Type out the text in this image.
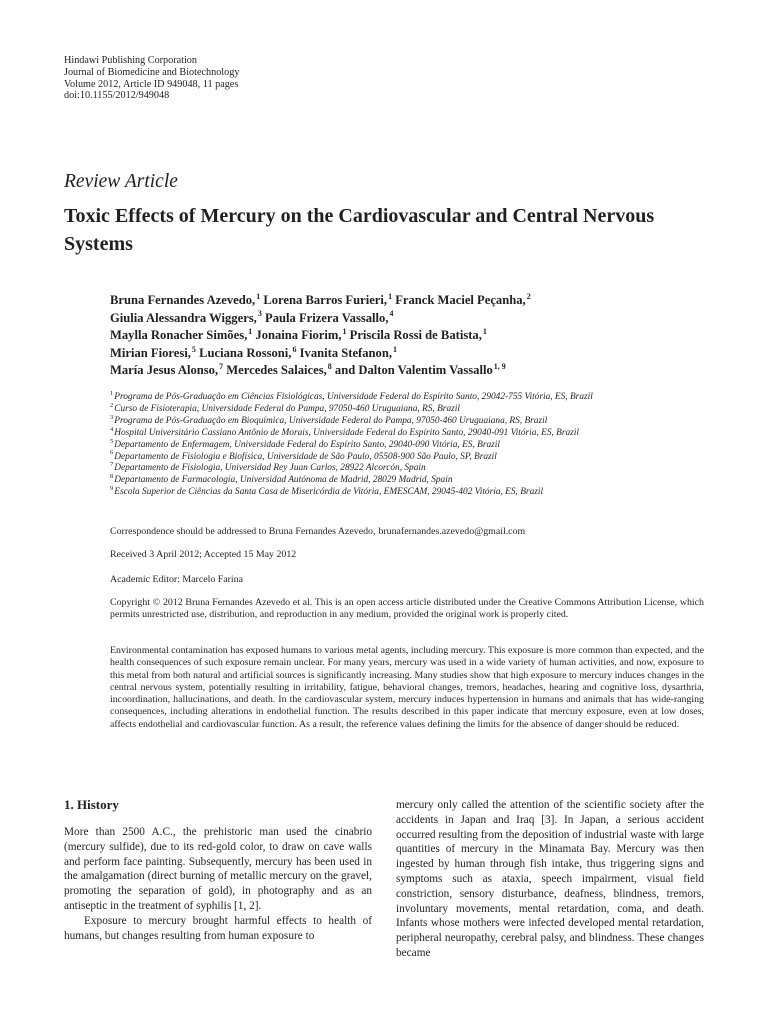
Hindawi Publishing Corporation
Journal of Biomedicine and Biotechnology
Volume 2012, Article ID 949048, 11 pages
doi:10.1155/2012/949048
Review Article
Toxic Effects of Mercury on the Cardiovascular and Central Nervous Systems
Bruna Fernandes Azevedo,$^1$ Lorena Barros Furieri,$^1$ Franck Maciel Peçanha,$^2$
Giulia Alessandra Wiggers,$^3$ Paula Frizera Vassallo,$^4$
Maylla Ronacher Simões,$^1$ Jonaina Fiorim,$^1$ Priscila Rossi de Batista,$^1$
Mirian Fioresi,$^5$ Luciana Rossoni,$^6$ Ivanita Stefanon,$^1$
María Jesus Alonso,$^7$ Mercedes Salaices,$^8$ and Dalton Valentim Vassallo$^{1, 9}$
$^1$Programa de Pós-Graduação em Ciências Fisiológicas, Universidade Federal do Espírito Santo, 29042-755 Vitória, ES, Brazil
$^2$Curso de Fisioterapia, Universidade Federal do Pampa, 97050-460 Uruguaiana, RS, Brazil
$^3$Programa de Pós-Graduação em Bioquímica, Universidade Federal do Pampa, 97050-460 Uruguaiana, RS, Brazil
$^4$Hospital Universitário Cassiano Antônio de Morais, Universidade Federal do Espírito Santo, 29040-091 Vitória, ES, Brazil
$^5$Departamento de Enfermagem, Universidade Federal do Espírito Santo, 29040-090 Vitória, ES, Brazil
$^6$Departamento de Fisiologia e Biofísica, Universidade de São Paulo, 05508-900 São Paulo, SP, Brazil
$^7$Departamento de Fisiologia, Universidad Rey Juan Carlos, 28922 Alcorcón, Spain
$^8$Departamento de Farmacología, Universidad Autónoma de Madrid, 28029 Madrid, Spain
$^9$Escola Superior de Ciências da Santa Casa de Misericórdia de Vitória, EMESCAM, 29045-402 Vitória, ES, Brazil
Correspondence should be addressed to Bruna Fernandes Azevedo, brunafernandes.azevedo@gmail.com
Received 3 April 2012; Accepted 15 May 2012
Academic Editor: Marcelo Farina
Copyright © 2012 Bruna Fernandes Azevedo et al. This is an open access article distributed under the Creative Commons Attribution License, which permits unrestricted use, distribution, and reproduction in any medium, provided the original work is properly cited.
Environmental contamination has exposed humans to various metal agents, including mercury. This exposure is more common than expected, and the health consequences of such exposure remain unclear. For many years, mercury was used in a wide variety of human activities, and now, exposure to this metal from both natural and artificial sources is significantly increasing. Many studies show that high exposure to mercury induces changes in the central nervous system, potentially resulting in irritability, fatigue, behavioral changes, tremors, headaches, hearing and cognitive loss, dysarthria, incoordination, hallucinations, and death. In the cardiovascular system, mercury induces hypertension in humans and animals that has wide-ranging consequences, including alterations in endothelial function. The results described in this paper indicate that mercury exposure, even at low doses, affects endothelial and cardiovascular function. As a result, the reference values defining the limits for the absence of danger should be reduced.
1. History

More than 2500 A.C., the prehistoric man used the cinabrio (mercury sulfide), due to its red-gold color, to draw on cave walls and perform face painting. Subsequently, mercury has been used in the amalgamation (direct burning of metallic mercury on the gravel, promoting the separation of gold), in photography and as an antiseptic in the treatment of syphilis [1, 2].

Exposure to mercury brought harmful effects to health of humans, but changes resulting from human exposure to

mercury only called the attention of the scientific society after the accidents in Japan and Iraq [3]. In Japan, a serious accident occurred resulting from the deposition of industrial waste with large quantities of mercury in the Minamata Bay. Mercury was then ingested by human through fish intake, thus triggering signs and symptoms such as ataxia, speech impairment, visual field constriction, sensory disturbance, deafness, blindness, tremors, involuntary movements, mental retardation, coma, and death. Infants whose mothers were infected developed mental retardation, peripheral neuropathy, cerebral palsy, and blindness. These changes became
